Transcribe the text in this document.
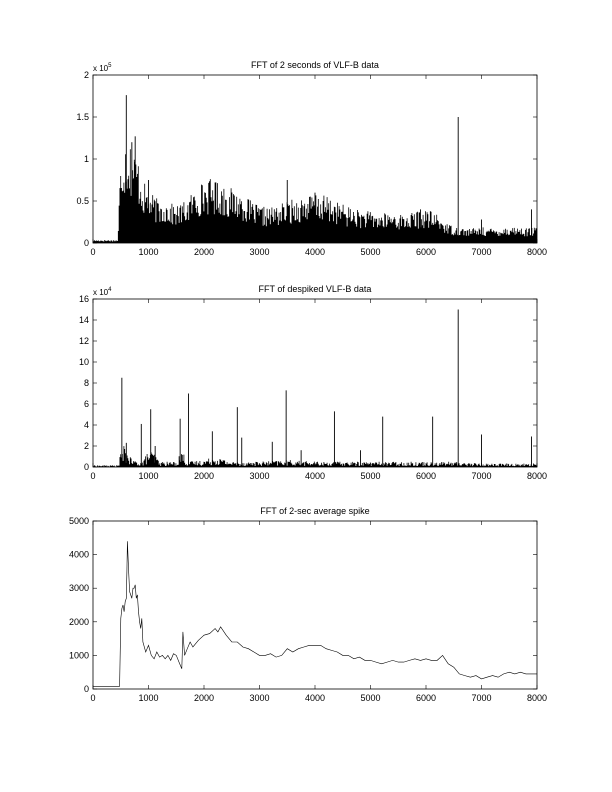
FFT of 2 seconds of VLF-B data
x $10^5$
0	1000	2000	3000	4000	5000	6000	7000	8000
0
0.5
1
1.5
2
FFT of despiked VLF-B data
x $10^4$
0	1000	2000	3000	4000	5000	6000	7000	8000
0
2
4
6
8
10
12
14
16
FFT of 2-sec average spike
0	1000	2000	3000	4000	5000	6000	7000	8000
0
1000
2000
3000
4000
5000
